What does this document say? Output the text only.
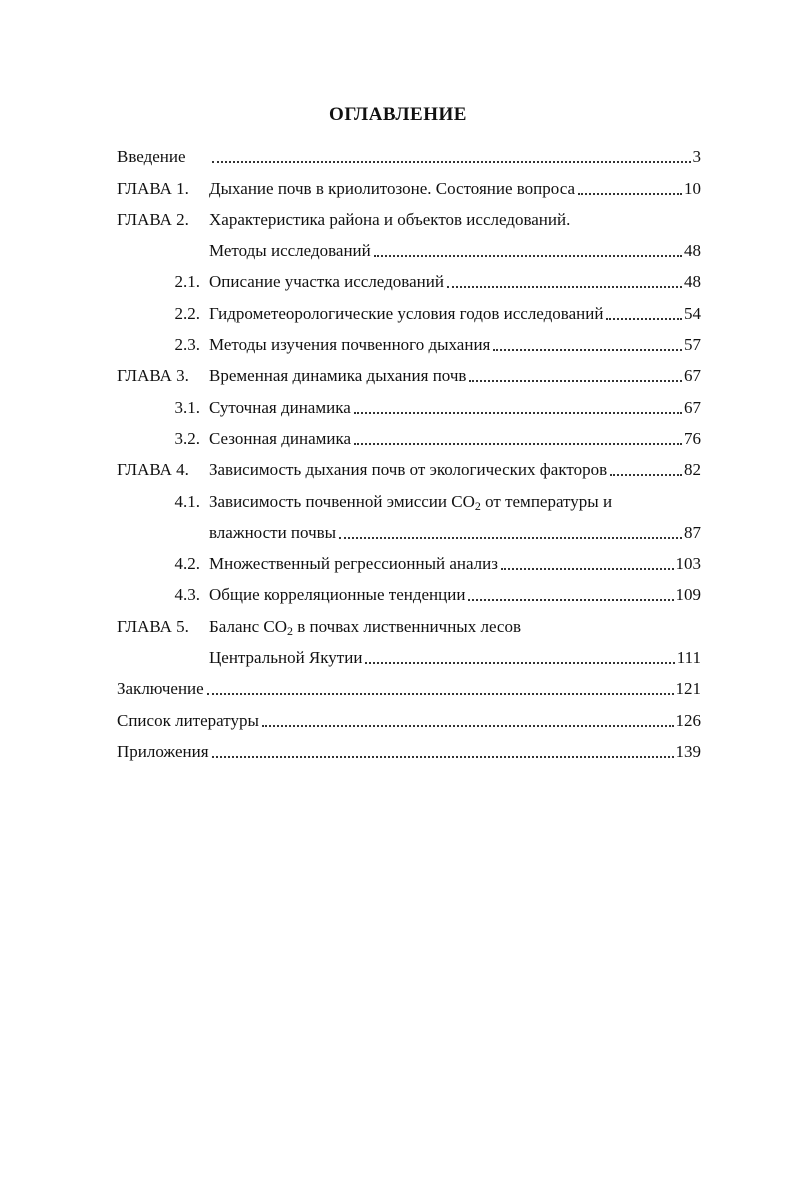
ОГЛАВЛЕНИЕ
Введение	3
ГЛАВА 1.	Дыхание почв в криолитозоне. Состояние вопроса	10
ГЛАВА 2.	Характеристика района и объектов исследований.
Методы исследований	48
2.1. Описание участка исследований	48
2.2. Гидрометеорологические условия годов исследований	54
2.3. Методы изучения почвенного дыхания	57
ГЛАВА 3.	Временная динамика дыхания почв	67
3.1. Суточная динамика	67
3.2. Сезонная динамика	76
ГЛАВА 4.	Зависимость дыхания почв от экологических факторов	82
4.1. Зависимость почвенной эмиссии $CO_2$ от температуры и
влажности почвы	87
4.2. Множественный регрессионный анализ	103
4.3. Общие корреляционные тенденции	109
ГЛАВА 5.	Баланс $CO_2$ в почвах лиственничных лесов
Центральной Якутии	111
Заключение	121
Список литературы	126
Приложения	139
